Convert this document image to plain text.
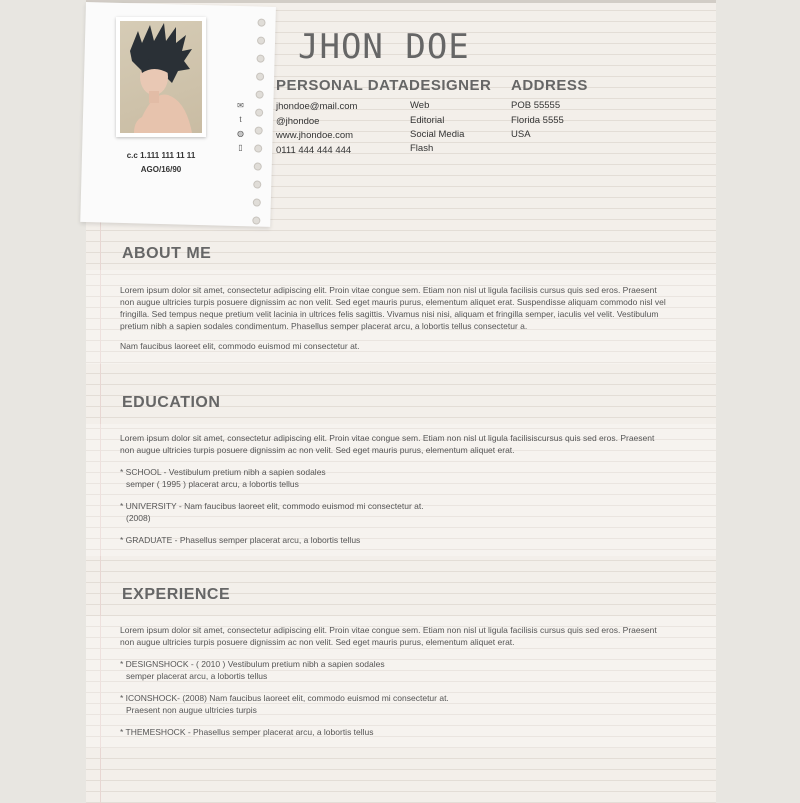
c.c 1.111 111 11 11
AGO/16/90
✉
t
◍
▯
JHON DOE
PERSONAL DATA
jhondoe@mail.com
@jhondoe
www.jhondoe.com
0111 444 444 444
DESIGNER
Web
Editorial
Social Media
Flash
ADDRESS
POB 55555
Florida 5555
USA
ABOUT ME
Lorem ipsum dolor sit amet, consectetur adipiscing elit. Proin vitae congue sem. Etiam non nisl ut ligula facilisis cursus quis sed eros. Praesent non augue ultricies turpis posuere dignissim ac non velit. Sed eget mauris purus, elementum aliquet erat. Suspendisse aliquam commodo nisl vel fringilla. Sed tempus neque pretium velit lacinia in ultrices felis sagittis. Vivamus nisi nisi, aliquam et fringilla semper, iaculis vel velit. Vestibulum pretium nibh a sapien sodales condimentum. Phasellus semper placerat arcu, a lobortis tellus consectetur a.
Nam faucibus laoreet elit, commodo euismod mi consectetur at.
EDUCATION
Lorem ipsum dolor sit amet, consectetur adipiscing elit. Proin vitae congue sem. Etiam non nisl ut ligula facilisiscursus quis sed eros. Praesent non augue ultricies turpis posuere dignissim ac non velit. Sed eget mauris purus, elementum aliquet erat.
* SCHOOL - Vestibulum pretium nibh a sapien sodales
semper ( 1995 ) placerat arcu, a lobortis tellus
* UNIVERSITY - Nam faucibus laoreet elit, commodo euismod mi consectetur at.
(2008)
* GRADUATE - Phasellus semper placerat arcu, a lobortis tellus
EXPERIENCE
Lorem ipsum dolor sit amet, consectetur adipiscing elit. Proin vitae congue sem. Etiam non nisl ut ligula facilisis cursus quis sed eros. Praesent non augue ultricies turpis posuere dignissim ac non velit. Sed eget mauris purus, elementum aliquet erat.
* DESIGNSHOCK - ( 2010 ) Vestibulum pretium nibh a sapien sodales
semper placerat arcu, a lobortis tellus
* ICONSHOCK- (2008) Nam faucibus laoreet elit, commodo euismod mi consectetur at.
Praesent non augue ultricies turpis
* THEMESHOCK - Phasellus semper placerat arcu, a lobortis tellus
